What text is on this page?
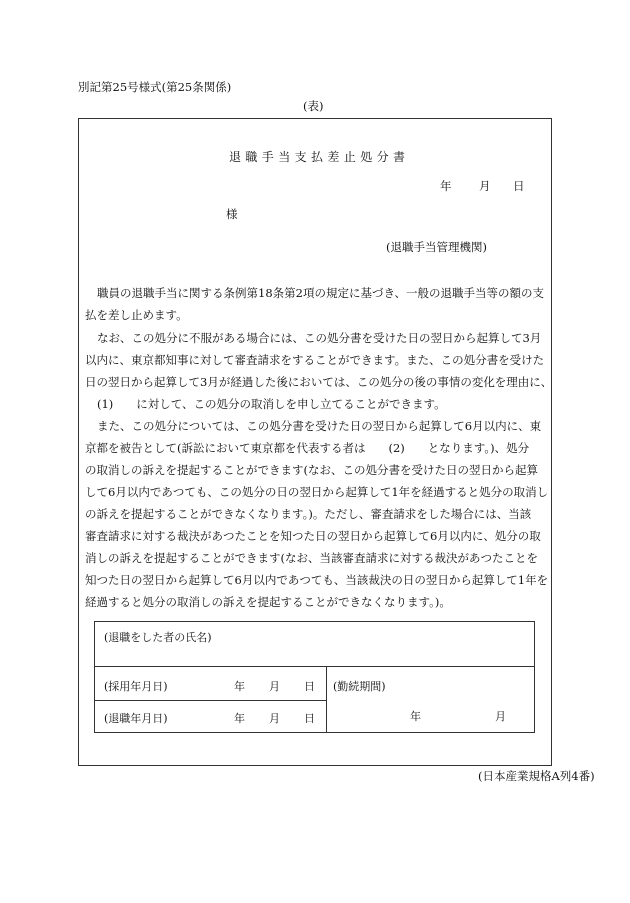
別記第25号様式(第25条関係)
(表)
退職手当支払差止処分書
年 月 日
様
(退職手当管理機関)
職員の退職手当に関する条例第18条第2項の規定に基づき、一般の退職手当等の額の支
払を差し止めます。
なお、この処分に不服がある場合には、この処分書を受けた日の翌日から起算して3月
以内に、東京都知事に対して審査請求をすることができます。また、この処分書を受けた
日の翌日から起算して3月が経過した後においては、この処分の後の事情の変化を理由に、
(1)　　に対して、この処分の取消しを申し立てることができます。
また、この処分については、この処分書を受けた日の翌日から起算して6月以内に、東
京都を被告として(訴訟において東京都を代表する者は　　(2)　　となります。)、処分
の取消しの訴えを提起することができます(なお、この処分書を受けた日の翌日から起算
して6月以内であつても、この処分の日の翌日から起算して1年を経過すると処分の取消し
の訴えを提起することができなくなります。)。ただし、審査請求をした場合には、当該
審査請求に対する裁決があつたことを知つた日の翌日から起算して6月以内に、処分の取
消しの訴えを提起することができます(なお、当該審査請求に対する裁決があつたことを
知つた日の翌日から起算して6月以内であつても、当該裁決の日の翌日から起算して1年を
経過すると処分の取消しの訴えを提起することができなくなります。)。
(退職をした者の氏名)
(採用年月日)	年 月 日
(退職年月日)	年 月 日
(勤続期間)
年	月
(日本産業規格A列4番)
